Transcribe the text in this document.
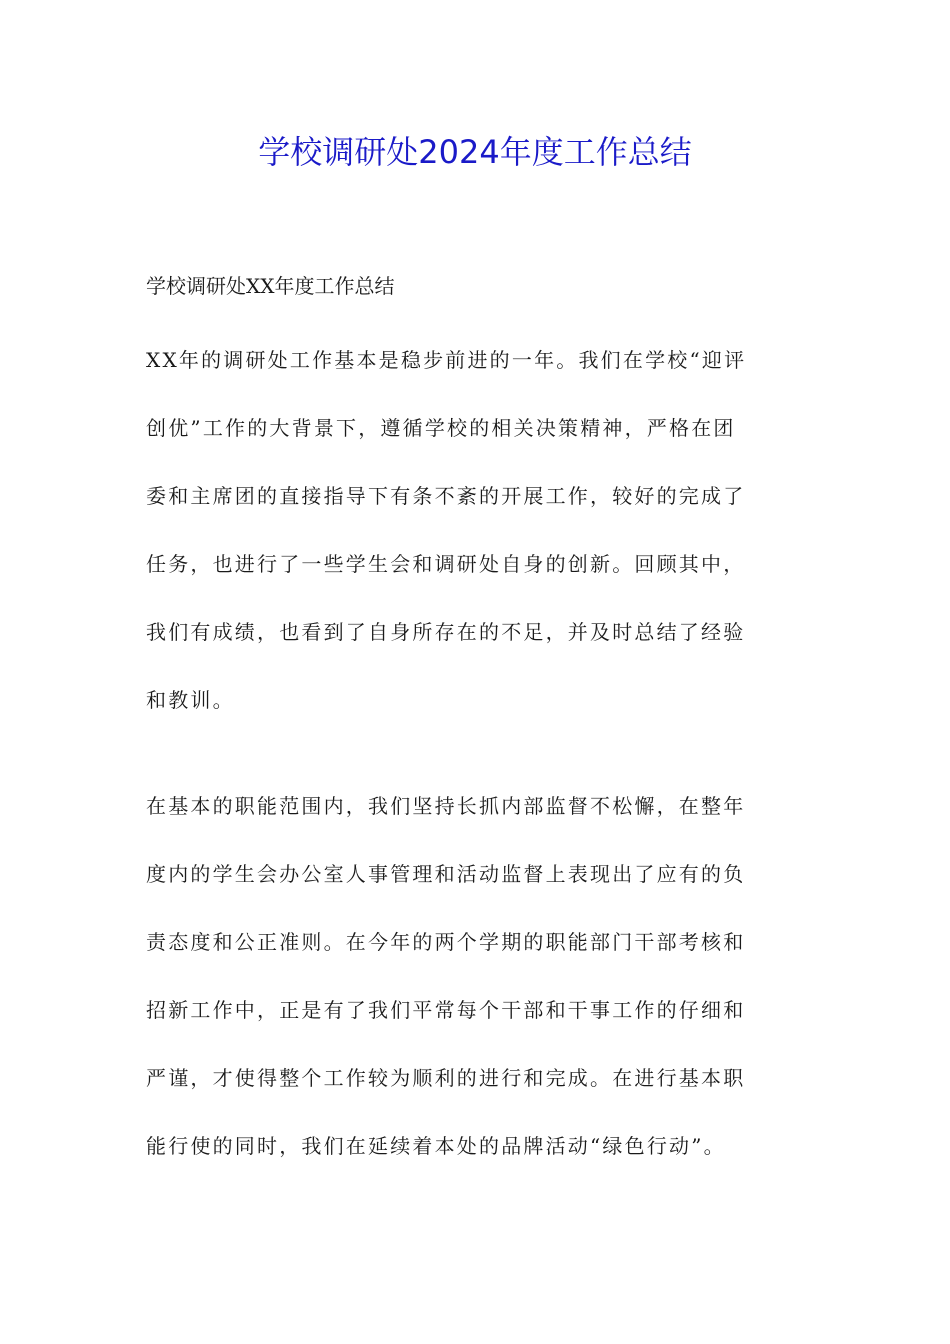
学校调研处2024年度工作总结

学校调研处XX年度工作总结

XX年的调研处工作基本是稳步前进的一年。我们在学校“迎评
创优”工作的大背景下，遵循学校的相关决策精神，严格在团
委和主席团的直接指导下有条不紊的开展工作，较好的完成了
任务，也进行了一些学生会和调研处自身的创新。回顾其中，
我们有成绩，也看到了自身所存在的不足，并及时总结了经验
和教训。
在基本的职能范围内，我们坚持长抓内部监督不松懈，在整年
度内的学生会办公室人事管理和活动监督上表现出了应有的负
责态度和公正准则。在今年的两个学期的职能部门干部考核和
招新工作中，正是有了我们平常每个干部和干事工作的仔细和
严谨，才使得整个工作较为顺利的进行和完成。在进行基本职
能行使的同时，我们在延续着本处的品牌活动“绿色行动”。
